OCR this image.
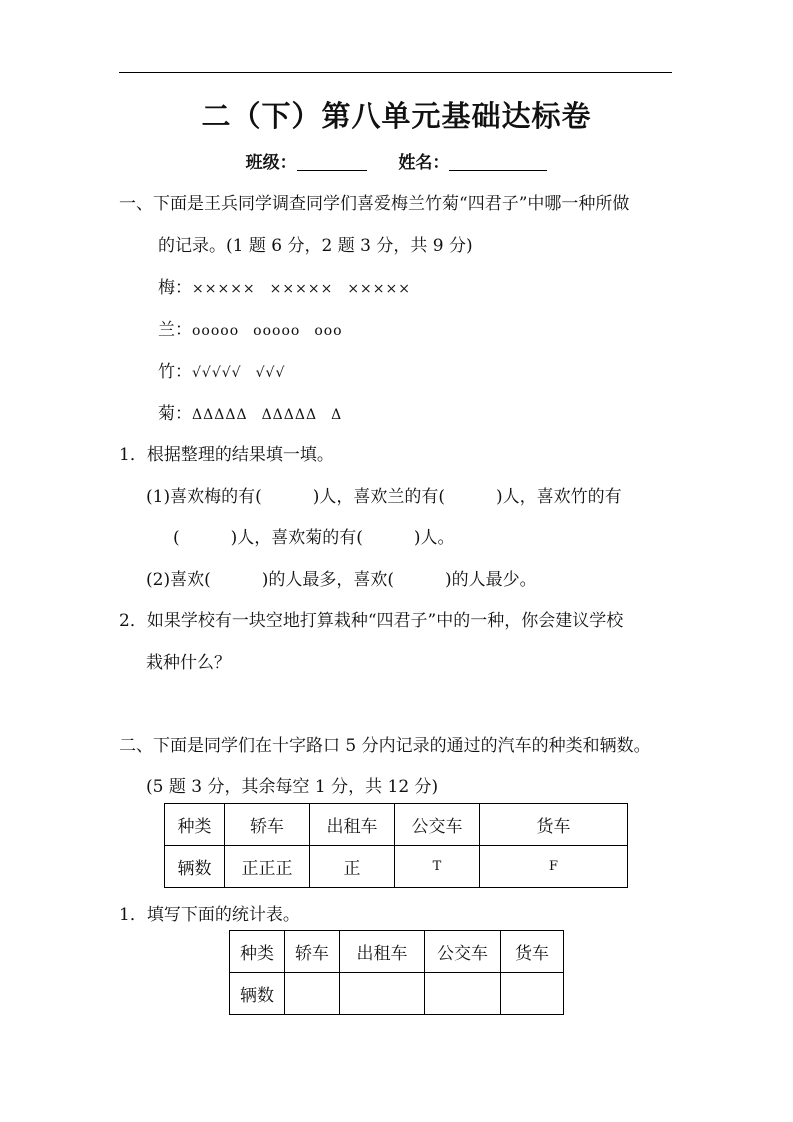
二（下）第八单元基础达标卷
班级：	姓名：
一、下面是王兵同学调查同学们喜爱梅兰竹菊“四君子”中哪一种所做
的记录。(1 题 6 分，2 题 3 分，共 9 分)
梅：××××× ××××× ×××××
兰：ooooo ooooo ooo
竹：√√√√√ √√√
菊：ΔΔΔΔΔ ΔΔΔΔΔ Δ
1．根据整理的结果填一填。
(1)喜欢梅的有(　　　)人，喜欢兰的有(　　　)人，喜欢竹的有
(　　　)人，喜欢菊的有(　　　)人。
(2)喜欢(　　　)的人最多，喜欢(　　　)的人最少。
2．如果学校有一块空地打算栽种“四君子”中的一种，你会建议学校
栽种什么？
二、下面是同学们在十字路口 5 分内记录的通过的汽车的种类和辆数。
(5 题 3 分，其余每空 1 分，共 12 分)
种类	轿车	出租车	公交车	货车
辆数	正正正	正	T	F
1．填写下面的统计表。
种类	轿车	出租车	公交车	货车
辆数				
